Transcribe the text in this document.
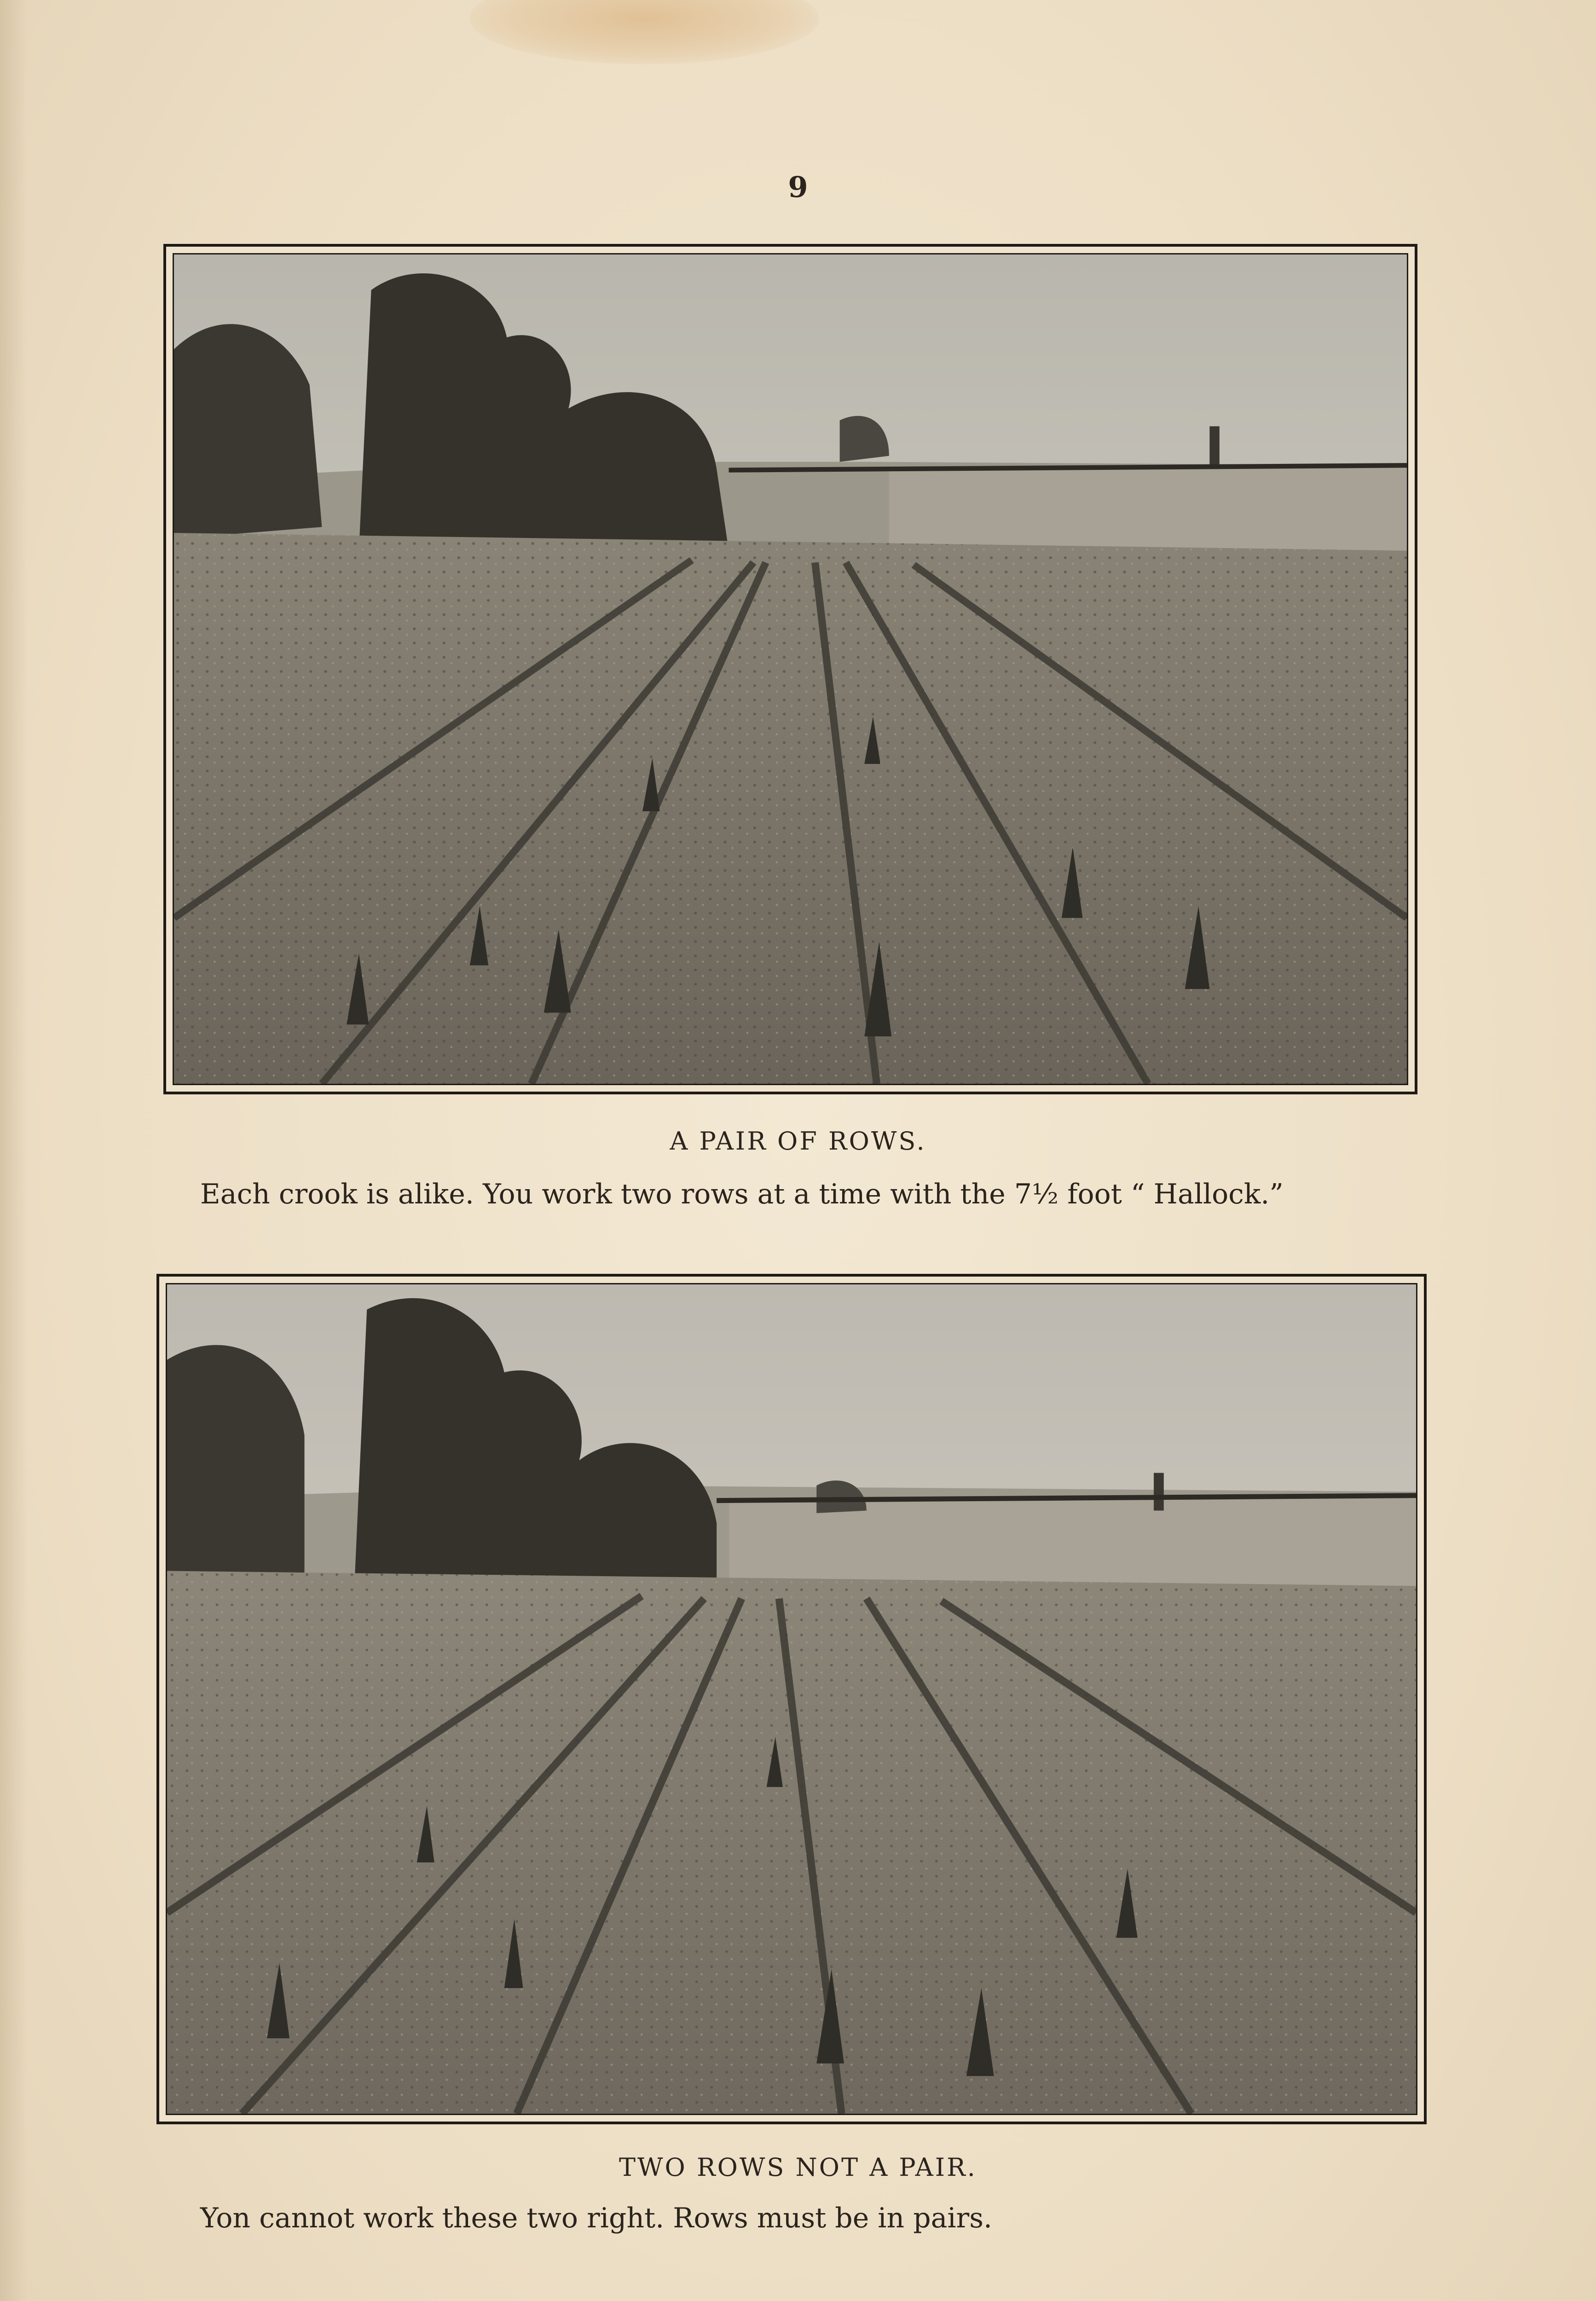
9
A PAIR OF ROWS.
Each crook is alike. You work two rows at a time with the 7½ foot “ Hallock.”
TWO ROWS NOT A PAIR.
Yon cannot work these two right. Rows must be in pairs.
